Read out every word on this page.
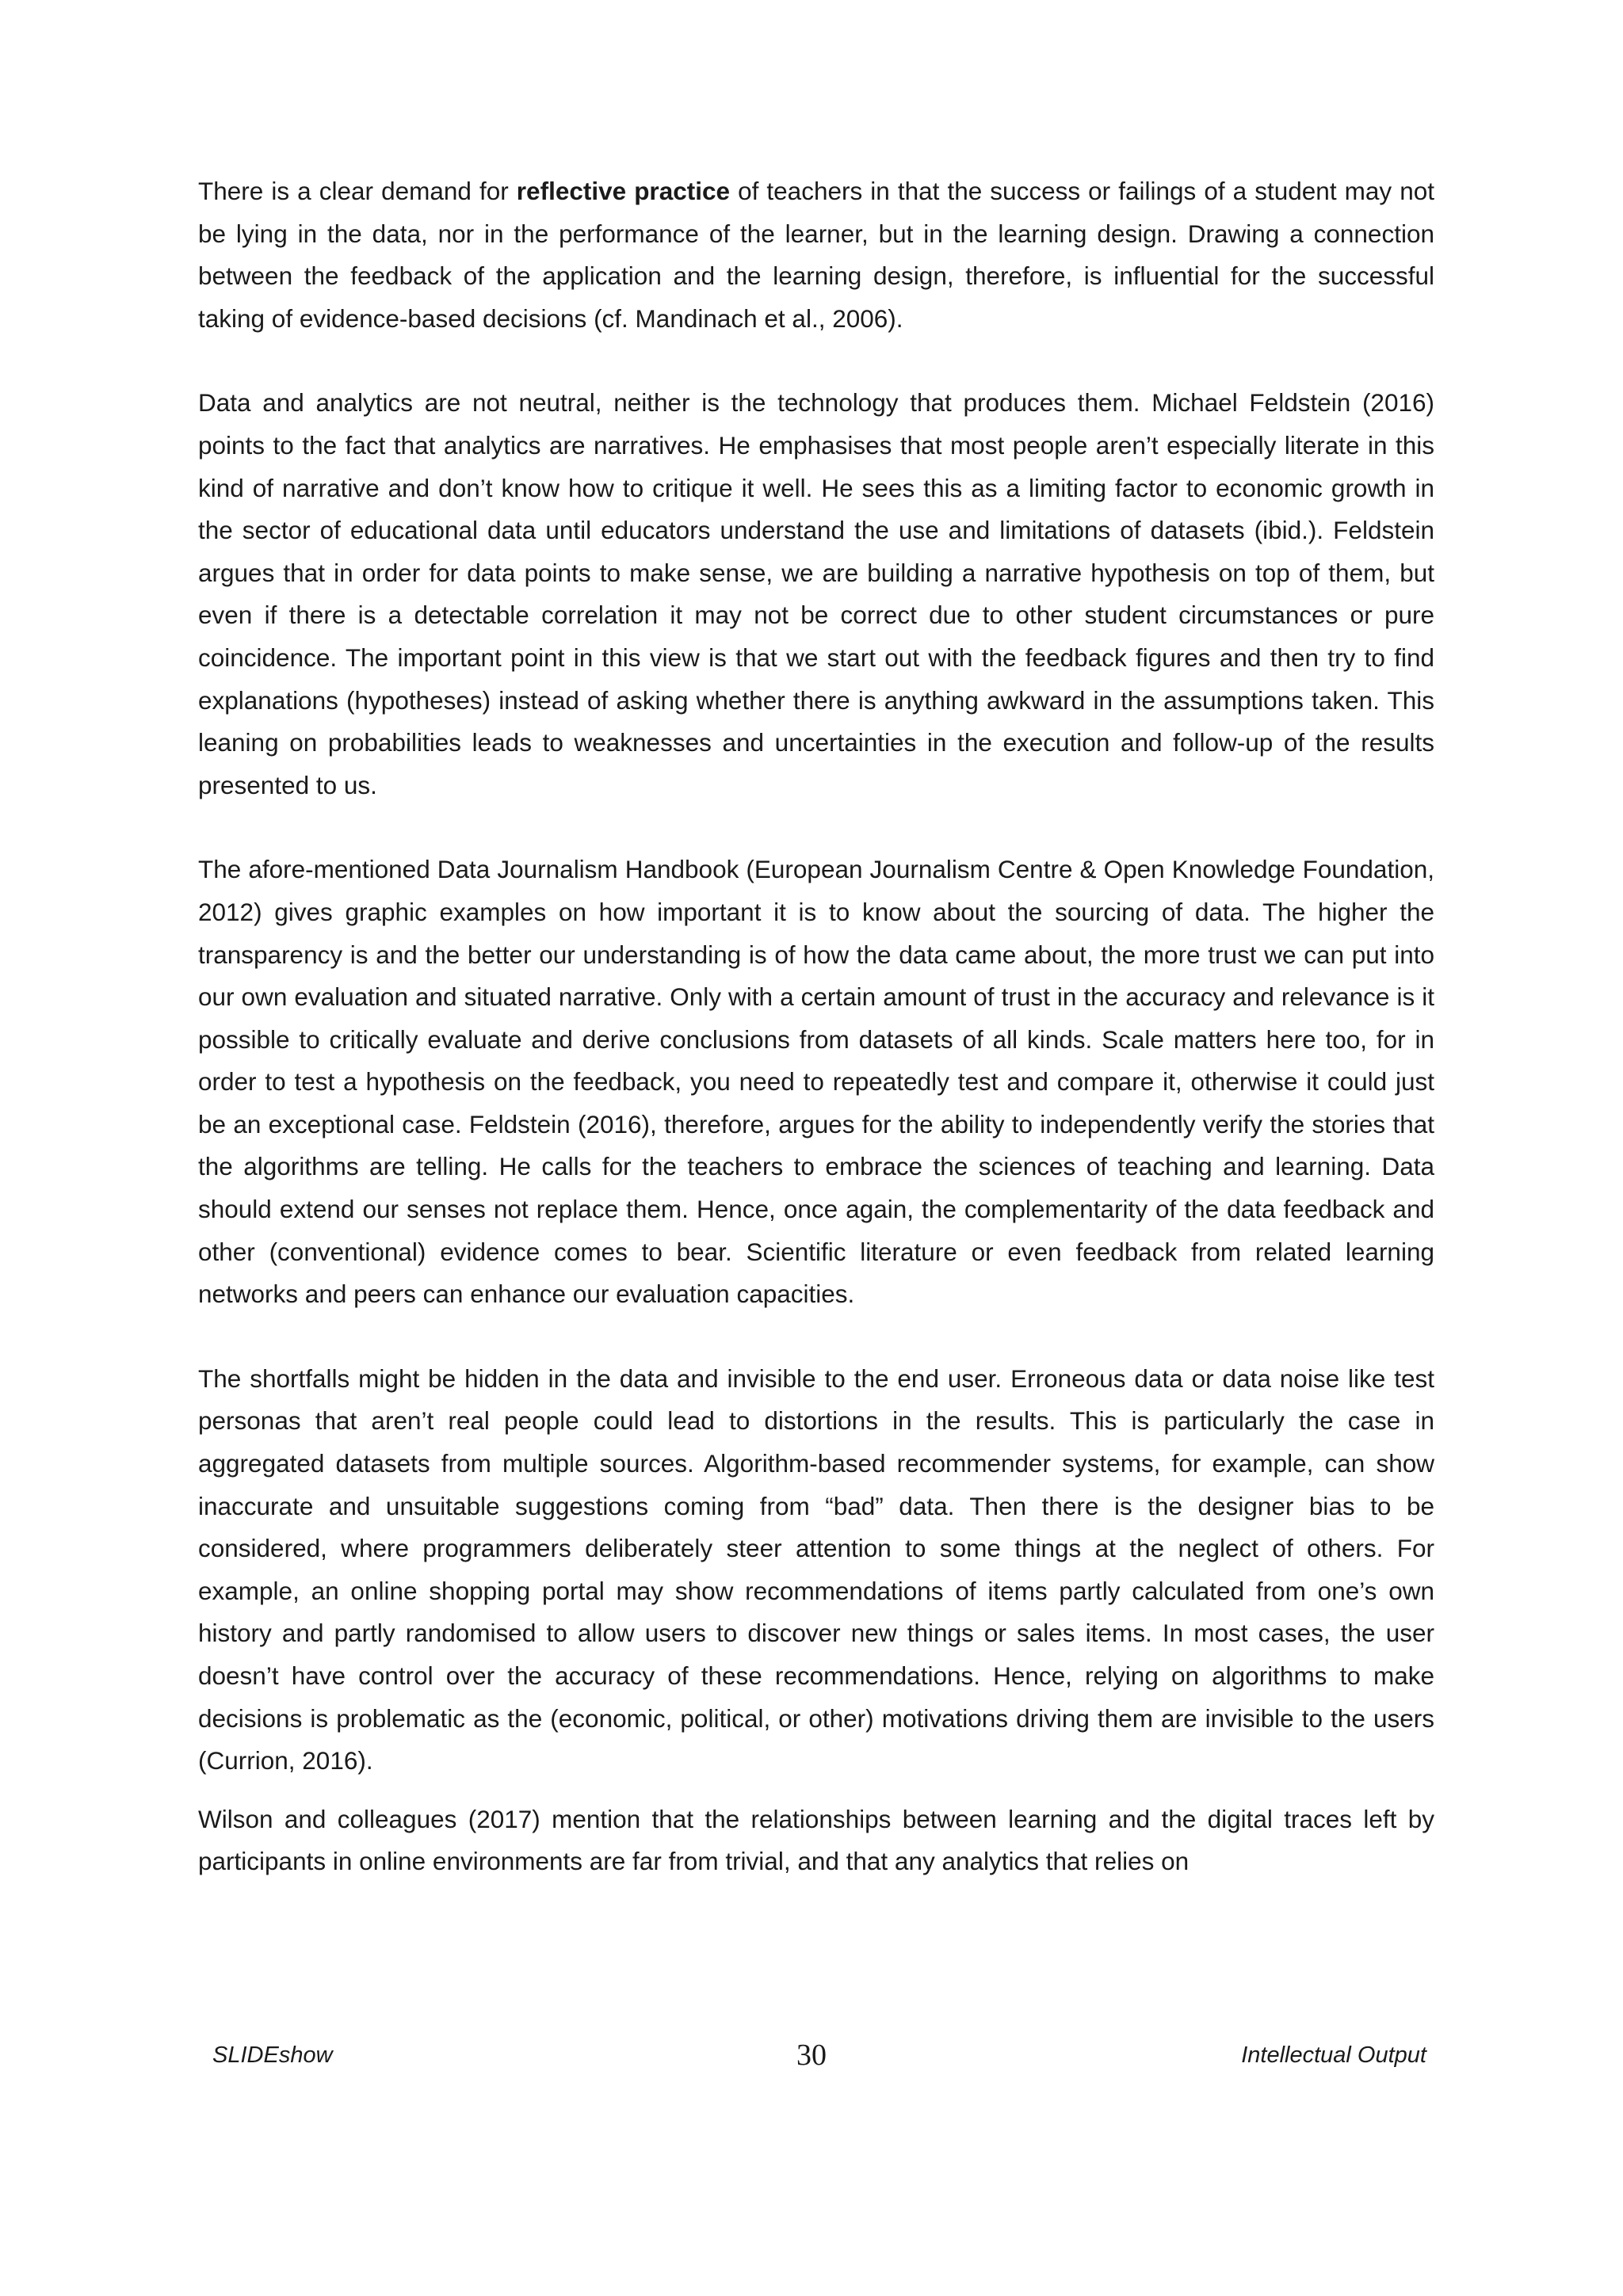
There is a clear demand for reflective practice of teachers in that the success or failings of a student may not be lying in the data, nor in the performance of the learner, but in the learning design. Drawing a connection between the feedback of the application and the learning design, therefore, is influential for the successful taking of evidence-based decisions (cf. Mandinach et al., 2006).

Data and analytics are not neutral, neither is the technology that produces them. Michael Feldstein (2016) points to the fact that analytics are narratives. He emphasises that most people aren’t especially literate in this kind of narrative and don’t know how to critique it well. He sees this as a limiting factor to economic growth in the sector of educational data until educators understand the use and limitations of datasets (ibid.). Feldstein argues that in order for data points to make sense, we are building a narrative hypothesis on top of them, but even if there is a detectable correlation it may not be correct due to other student circumstances or pure coincidence. The important point in this view is that we start out with the feedback figures and then try to find explanations (hypotheses) instead of asking whether there is anything awkward in the assumptions taken. This leaning on probabilities leads to weaknesses and uncertainties in the execution and follow-up of the results presented to us.

The afore-mentioned Data Journalism Handbook (European Journalism Centre & Open Knowledge Foundation, 2012) gives graphic examples on how important it is to know about the sourcing of data. The higher the transparency is and the better our understanding is of how the data came about, the more trust we can put into our own evaluation and situated narrative. Only with a certain amount of trust in the accuracy and relevance is it possible to critically evaluate and derive conclusions from datasets of all kinds. Scale matters here too, for in order to test a hypothesis on the feedback, you need to repeatedly test and compare it, otherwise it could just be an exceptional case. Feldstein (2016), therefore, argues for the ability to independently verify the stories that the algorithms are telling. He calls for the teachers to embrace the sciences of teaching and learning. Data should extend our senses not replace them. Hence, once again, the complementarity of the data feedback and other (conventional) evidence comes to bear. Scientific literature or even feedback from related learning networks and peers can enhance our evaluation capacities.

The shortfalls might be hidden in the data and invisible to the end user. Erroneous data or data noise like test personas that aren’t real people could lead to distortions in the results. This is particularly the case in aggregated datasets from multiple sources. Algorithm-based recommender systems, for example, can show inaccurate and unsuitable suggestions coming from “bad” data. Then there is the designer bias to be considered, where programmers deliberately steer attention to some things at the neglect of others. For example, an online shopping portal may show recommendations of items partly calculated from one’s own history and partly randomised to allow users to discover new things or sales items. In most cases, the user doesn’t have control over the accuracy of these recommendations. Hence, relying on algorithms to make decisions is problematic as the (economic, political, or other) motivations driving them are invisible to the users (Currion, 2016).

Wilson and colleagues (2017) mention that the relationships between learning and the digital traces left by participants in online environments are far from trivial, and that any analytics that relies on

SLIDEshow	30	Intellectual Output
